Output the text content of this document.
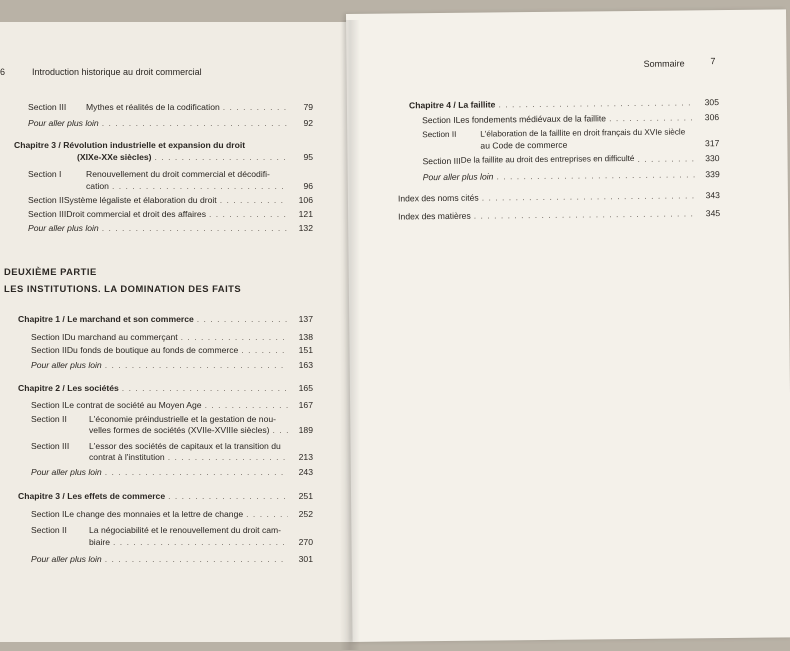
6	Introduction historique au droit commercial
Section III	Mythes et réalités de la codification . . .	79
Pour aller plus loin . . .	92
Chapitre 3 / Révolution industrielle et expansion du droit
(XIXe-XXe siècles) . . .	95
Section I	Renouvellement du droit commercial et décodifi-
cation . . .	96
Section II Système légaliste et élaboration du droit . . .	106
Section III Droit commercial et droit des affaires . . .	121
Pour aller plus loin . . .	132
DEUXIÈME PARTIE
LES INSTITUTIONS. LA DOMINATION DES FAITS
Chapitre 1 / Le marchand et son commerce . . .	137
Section I Du marchand au commerçant . . .	138
Section II Du fonds de boutique au fonds de commerce . . .	151
Pour aller plus loin . . .	163
Chapitre 2 / Les sociétés . . .	165
Section I Le contrat de société au Moyen Age . . .	167
Section II	L'économie préindustrielle et la gestation de nou-
velles formes de sociétés (XVIIe-XVIIIe siècles) . . .	189
Section III L'essor des sociétés de capitaux et la transition du
contrat à l'institution . . .	213
Pour aller plus loin . . .	243
Chapitre 3 / Les effets de commerce . . .	251
Section I Le change des monnaies et la lettre de change . . .	252
Section II	La négociabilité et le renouvellement du droit cam-
biaire . . .	270
Pour aller plus loin . . .	301
Sommaire	7
Chapitre 4 / La faillite . . .	305
Section I Les fondements médiévaux de la faillite . . .	306
Section II	L'élaboration de la faillite en droit français du XVIe siècle
au Code de commerce	317
Section III De la faillite au droit des entreprises en difficulté . . .	330
Pour aller plus loin . . .	339
Index des noms cités . . .	343
Index des matières . . .	345
